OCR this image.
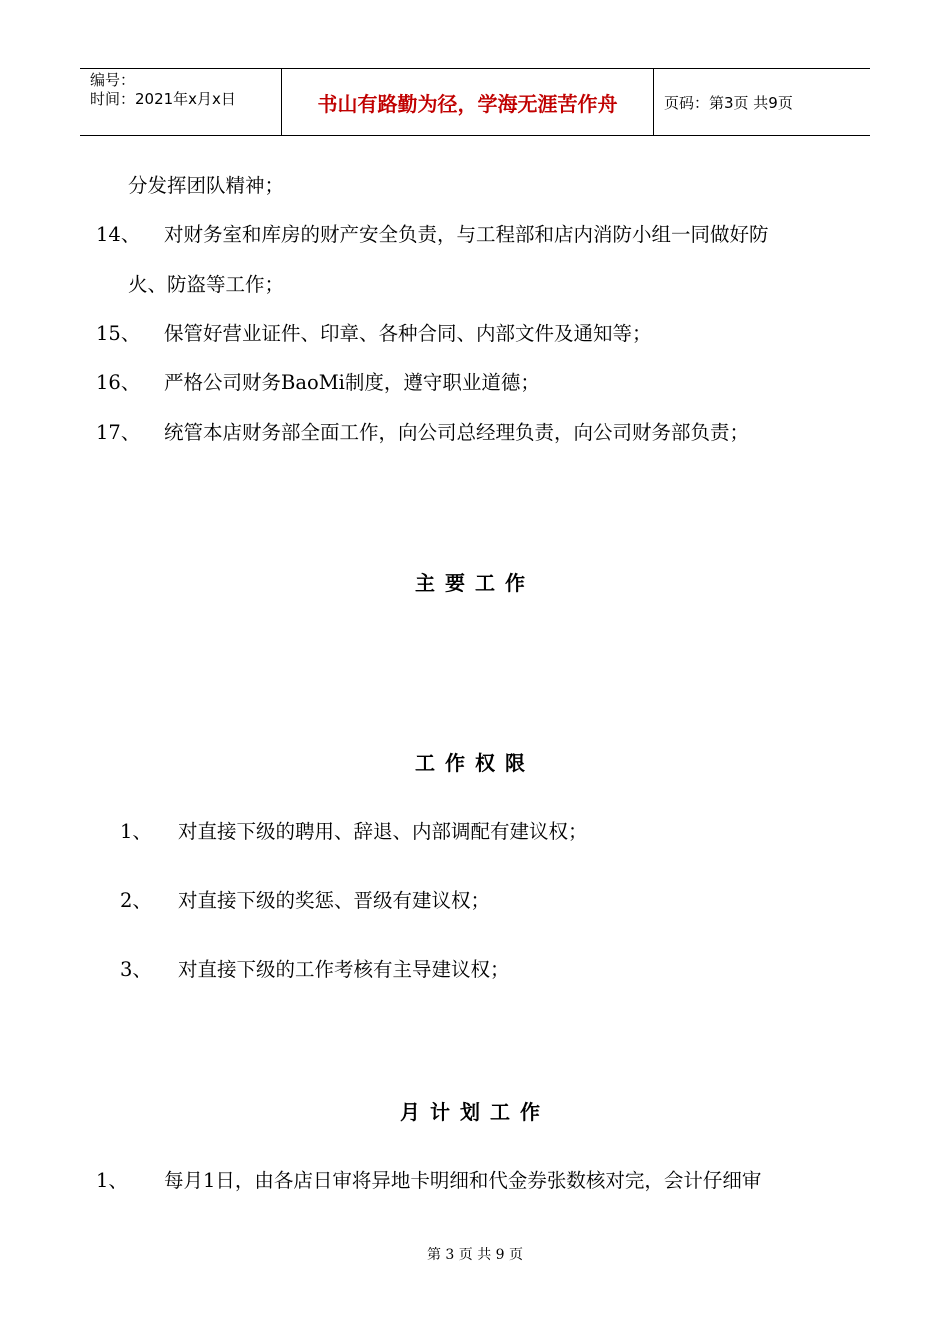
编号：
时间：2021年x月x日	书山有路勤为径，学海无涯苦作舟	页码：第3页 共9页
分发挥团队精神；
14、 对财务室和库房的财产安全负责，与工程部和店内消防小组一同做好防
火、防盗等工作；
15、 保管好营业证件、印章、各种合同、内部文件及通知等；
16、 严格公司财务BaoMi制度，遵守职业道德；
17、 统管本店财务部全面工作，向公司总经理负责，向公司财务部负责；
主要工作
工作权限
1、 对直接下级的聘用、辞退、内部调配有建议权；
2、 对直接下级的奖惩、晋级有建议权；
3、 对直接下级的工作考核有主导建议权；
月计划工作
1、 每月1日，由各店日审将异地卡明细和代金券张数核对完，会计仔细审
第 3 页 共 9 页
